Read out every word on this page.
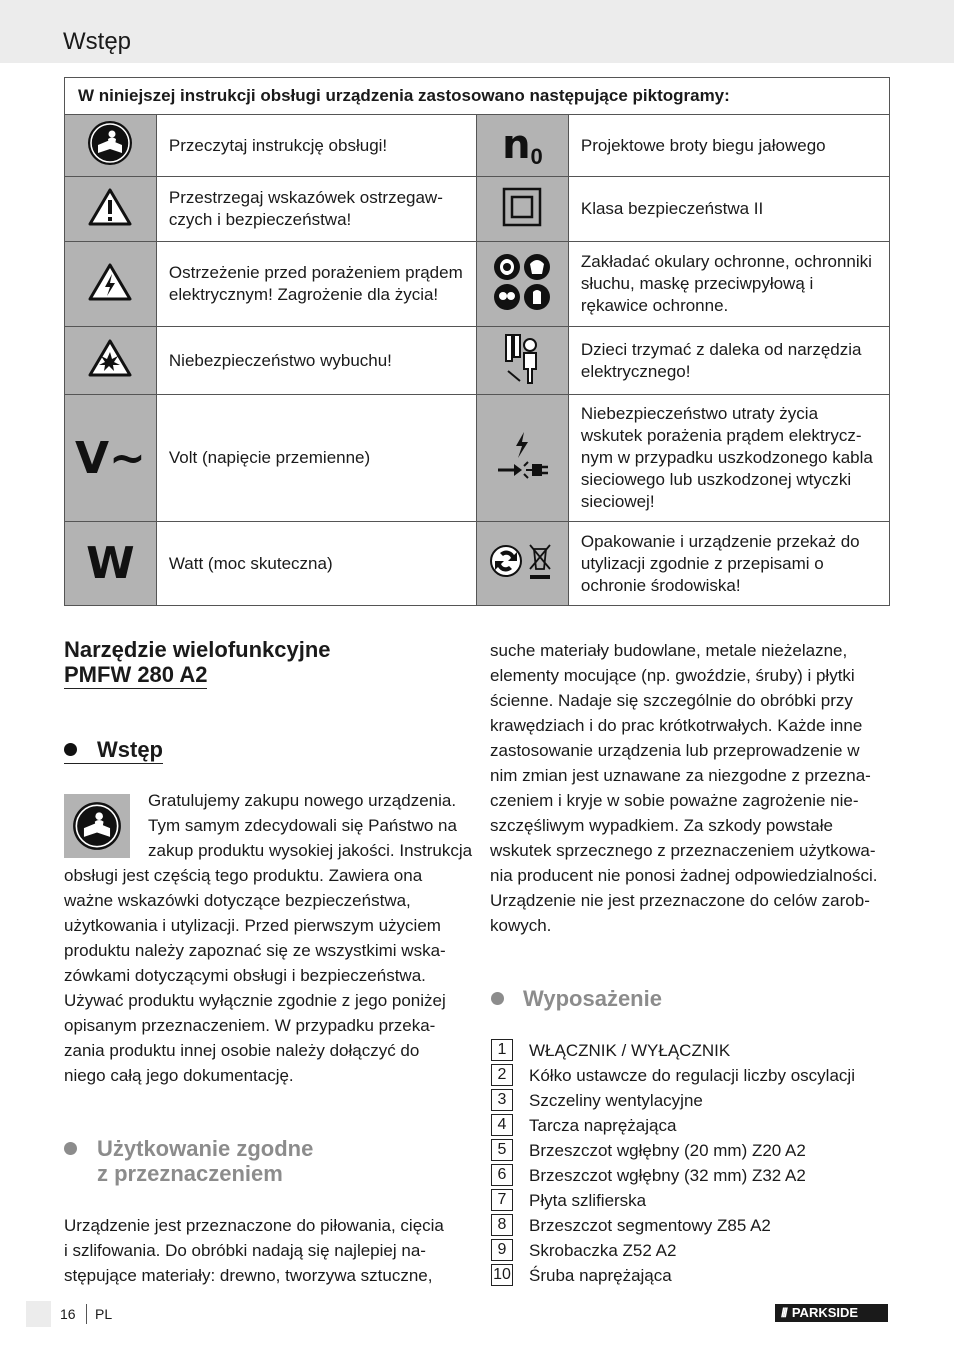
Wstęp
W niniejszej instrukcji obsługi urządzenia zastosowano następujące piktogramy:			
	Przeczytaj instrukcję obsługi!	n0	Projektowe broty biegu jałowego
	Przestrzegaj wskazówek ostrzegaw-
czych i bezpieczeństwa!		Klasa bezpieczeństwa II
	Ostrzeżenie przed porażeniem prądem elektrycznym! Zagrożenie dla życia!		Zakładać okulary ochronne, ochronniki słuchu, maskę przeciwpyłową i rękawice ochronne.
	Niebezpieczeństwo wybuchu!		Dzieci trzymać z daleka od narzędzia elektrycznego!
V~	Volt (napięcie przemienne)		Niebezpieczeństwo utraty życia wskutek porażenia prądem elektrycz-
nym w przypadku uszkodzonego kabla sieciowego lub uszkodzonej wtyczki sieciowej!
W	Watt (moc skuteczna)		Opakowanie i urządzenie przekaż do utylizacji zgodnie z przepisami o ochronie środowiska!
Narzędzie wielofunkcyjne
PMFW 280 A2
Wstęp
Gratulujemy zakupu nowego urządzenia.
Tym samym zdecydowali się Państwo na
zakup produktu wysokiej jakości. Instrukcja
obsługi jest częścią tego produktu. Zawiera ona
ważne wskazówki dotyczące bezpieczeństwa,
użytkowania i utylizacji. Przed pierwszym użyciem
produktu należy zapoznać się ze wszystkimi wska-
zówkami dotyczącymi obsługi i bezpieczeństwa.
Używać produktu wyłącznie zgodnie z jego poniżej
opisanym przeznaczeniem. W przypadku przeka-
zania produktu innej osobie należy dołączyć do
niego całą jego dokumentację.
Użytkowanie zgodne
z przeznaczeniem
Urządzenie jest przeznaczone do piłowania, cięcia
i szlifowania. Do obróbki nadają się najlepiej na-
stępujące materiały: drewno, tworzywa sztuczne,
suche materiały budowlane, metale nieżelazne,
elementy mocujące (np. gwoździe, śruby) i płytki
ścienne. Nadaje się szczególnie do obróbki przy
krawędziach i do prac krótkotrwałych. Każde inne
zastosowanie urządzenia lub przeprowadzenie w
nim zmian jest uznawane za niezgodne z przezna-
czeniem i kryje w sobie poważne zagrożenie nie-
szczęśliwym wypadkiem. Za szkody powstałe
wskutek sprzecznego z przeznaczeniem użytkowa-
nia producent nie ponosi żadnej odpowiedzialności.
Urządzenie nie jest przeznaczone do celów zarob-
kowych.
Wyposażenie
1	WŁĄCZNIK / WYŁĄCZNIK
2	Kółko ustawcze do regulacji liczby oscylacji
3	Szczeliny wentylacyjne
4	Tarcza naprężająca
5	Brzeszczot wgłębny (20 mm) Z20 A2
6	Brzeszczot wgłębny (32 mm) Z32 A2
7	Płyta szlifierska
8	Brzeszczot segmentowy Z85 A2
9	Skrobaczka Z52 A2
10 Śruba naprężająca
16 PL	/// PARKSIDE
